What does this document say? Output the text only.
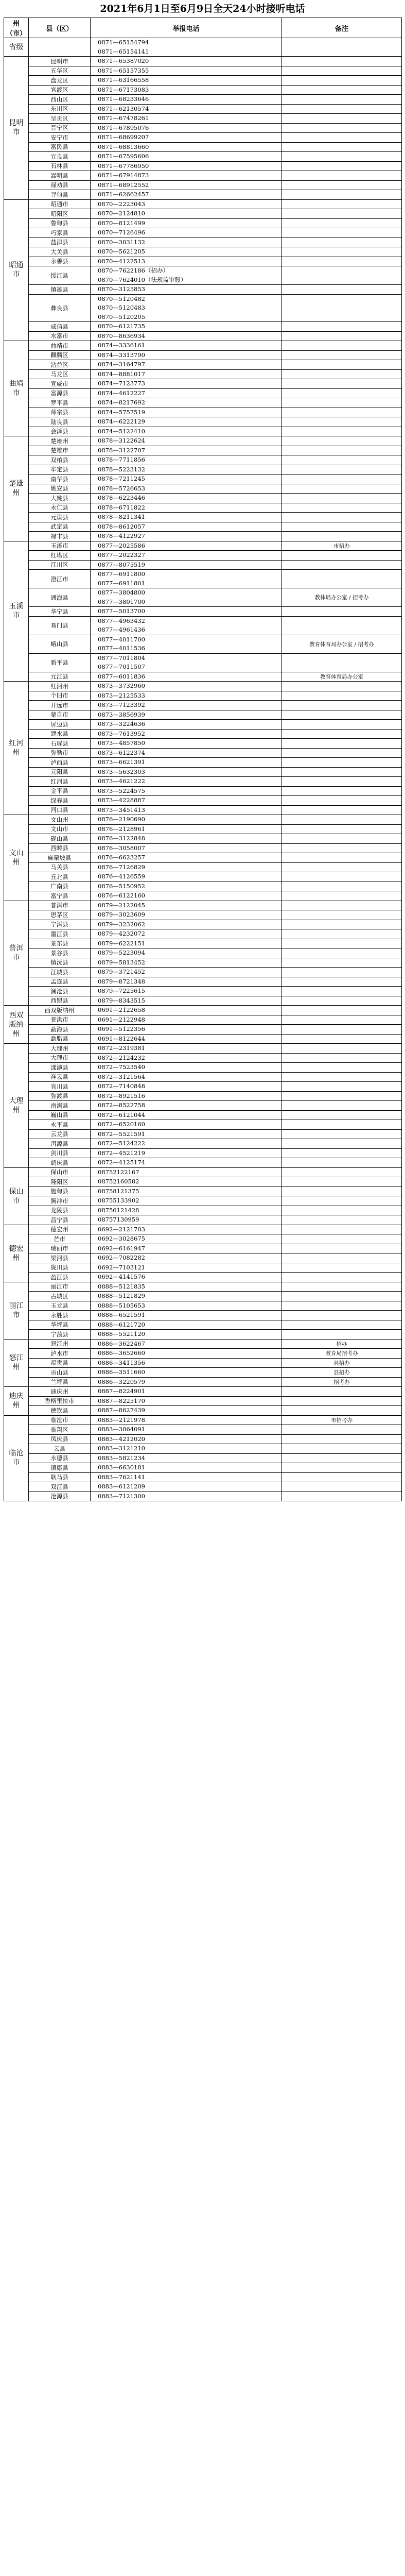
2021年6月1日至6月9日全天24小时接听电话
州（市）	县（区）	举报电话	备注
省级		0871—65154794
0871—65154141	

昆明市	昆明市	0871—65387020	

	五华区	0871—65157355	

	盘龙区	0871—63166558	

	官渡区	0871—67173083	

	西山区	0871—68233646	

	东川区	0871—62130574	

	呈贡区	0871—67478261	

	晋宁区	0871—67895076	

	安宁市	0871—68699207	

	富民县	0871—68813660	

	宜良县	0871—67595606	

	石林县	0871—67786950	

	嵩明县	0871—67914873	

	禄劝县	0871—68912552	

	寻甸县	0871—62662457	

昭通市	昭通市	0870—2223043	

	昭阳区	0870—2124810	

	鲁甸县	0870—8121499	

	巧家县	0870—7126496	

	盐津县	0870—3031132	

	大关县	0870—5621205	

	永善县	0870—4122513	

	绥江县	0870—7622186（招办）
0870—7624010（法规监审股）	

	镇雄县	0870—3125853	

	彝良县	0870—5120482
0870—5120483
0870—5120205	

	威信县	0870—6121735	

	水富市	0870—8636934	

曲靖市	曲靖市	0874—3336161	

	麒麟区	0874—3313790	

	沾益区	0874—3164797	

	马龙区	0874—8881017	

	宣威市	0874—7123773	

	富源县	0874—4612227	

	罗平县	0874—8217692	

	师宗县	0874—5757519	

	陆良县	0874—6222129	

	会泽县	0874—5122410	

楚雄州	楚雄州	0878—3122624	

	楚雄市	0878—3122707	

	双柏县	0878—7711856	

	牟定县	0878—5223132	

	南华县	0878—7211245	

	姚安县	0878—5726653	

	大姚县	0878—6223446	

	永仁县	0878—6711822	

	元谋县	0878—8211341	

	武定县	0878—8612057	

	禄丰县	0878—4122927	

玉溪市	玉溪市	0877—2025586	市招办
	红塔区	0877—2022327	

	江川区	0877—8075519	

	澄江市	0877—6911800
0877—6911801	

	通海县	0877—3804800
0877—3801700	教体局办公室 / 招考办
	华宁县	0877—5013700	

	易门县	0877—4963432
0877—4961436	

	峨山县	0877—4011700
0877—4011536	教育体育局办公室 / 招考办
	新平县	0877—7011804
0877—7011507	

	元江县	0877—6011836	教育体育局办公室
红河州	红河州	0873—3732960	

	个旧市	0873—2125533	

	开远市	0873—7123392	

	蒙自市	0873—3856939	

	屏边县	0873—3224636	

	建水县	0873—7613952	

	石屏县	0873—4857850	

	弥勒市	0873—6122374	

	泸西县	0873—6621391	

	元阳县	0873—5632303	

	红河县	0873—4621222	

	金平县	0873—5224575	

	绿春县	0873—4228887	

	河口县	0873—3451413	

文山州	文山州	0876—2190690	

	文山市	0876—2128961	

	砚山县	0876—3122848	

	西畴县	0876—3058007	

	麻栗坡县	0876—6623257	

	马关县	0876—7126829	

	丘北县	0876—4126559	

	广南县	0876—5150952	

	富宁县	0876—6122160	

普洱市	普洱市	0879—2122045	

	思茅区	0879—3023609	

	宁洱县	0879—3232062	

	墨江县	0879—4232072	

	景东县	0879—6222151	

	景谷县	0879—5223094	

	镇沅县	0879—5813452	

	江城县	0879—3721452	

	孟连县	0879—8721348	

	澜沧县	0879—7225615	

	西盟县	0879—8343515	

西双版纳州	西双版纳州	0691—2122658	

	景洪市	0691—2122948	

	勐海县	0691—5122356	

	勐腊县	0691—8122644	

大理州	大理州	0872—2319381	

	大理市	0872—2124232	

	漾濞县	0872—7523540	

	祥云县	0872—3121564	

	宾川县	0872—7140848	

	弥渡县	0872—8921516	

	南涧县	0872—8522758	

	巍山县	0872—6121044	

	永平县	0872—6520160	

	云龙县	0872—5521591	

	洱源县	0872—5124222	

	剑川县	0872—4521219	

	鹤庆县	0872—4125174	

保山市	保山市	08752122167	

	隆阳区	08752160582	

	施甸县	08758121375	

	腾冲市	08755133902	

	龙陵县	08756121428	

	昌宁县	08757130959	

德宏州	德宏州	0692—2121703	

	芒市	0692—3028675	

	瑞丽市	0692—6161947	

	梁河县	0692—7082282	

	陇川县	0692—7103121	

	盈江县	0692—4141576	

丽江市	丽江市	0888—5121835	

	古城区	0888—5121829	

	玉龙县	0888—5105653	

	永胜县	0888—6521591	

	华坪县	0888—6121720	

	宁蒗县	0888—5521120	

怒江州	怒江州	0886—3622467	招办
	泸水市	0886—3652660	教育局招考办
	福贡县	0886—3411356	县招办
	贡山县	0886—3511660	县招办
	兰坪县	0886—3220579	招考办
迪庆州	迪庆州	0887—8224901	

	香格里拉市	0887—8225170	

	德钦县	0887—8627439	

临沧市	临沧市	0883—2121978	市招考办
	临翔区	0883—3064091	

	凤庆县	0883—4212020	

	云县	0883—3121210	

	永德县	0883—5821234	

	镇康县	0883—6630181	

	耿马县	0883—7621141	

	双江县	0883—6121209	

	沧源县	0883—7121300	
